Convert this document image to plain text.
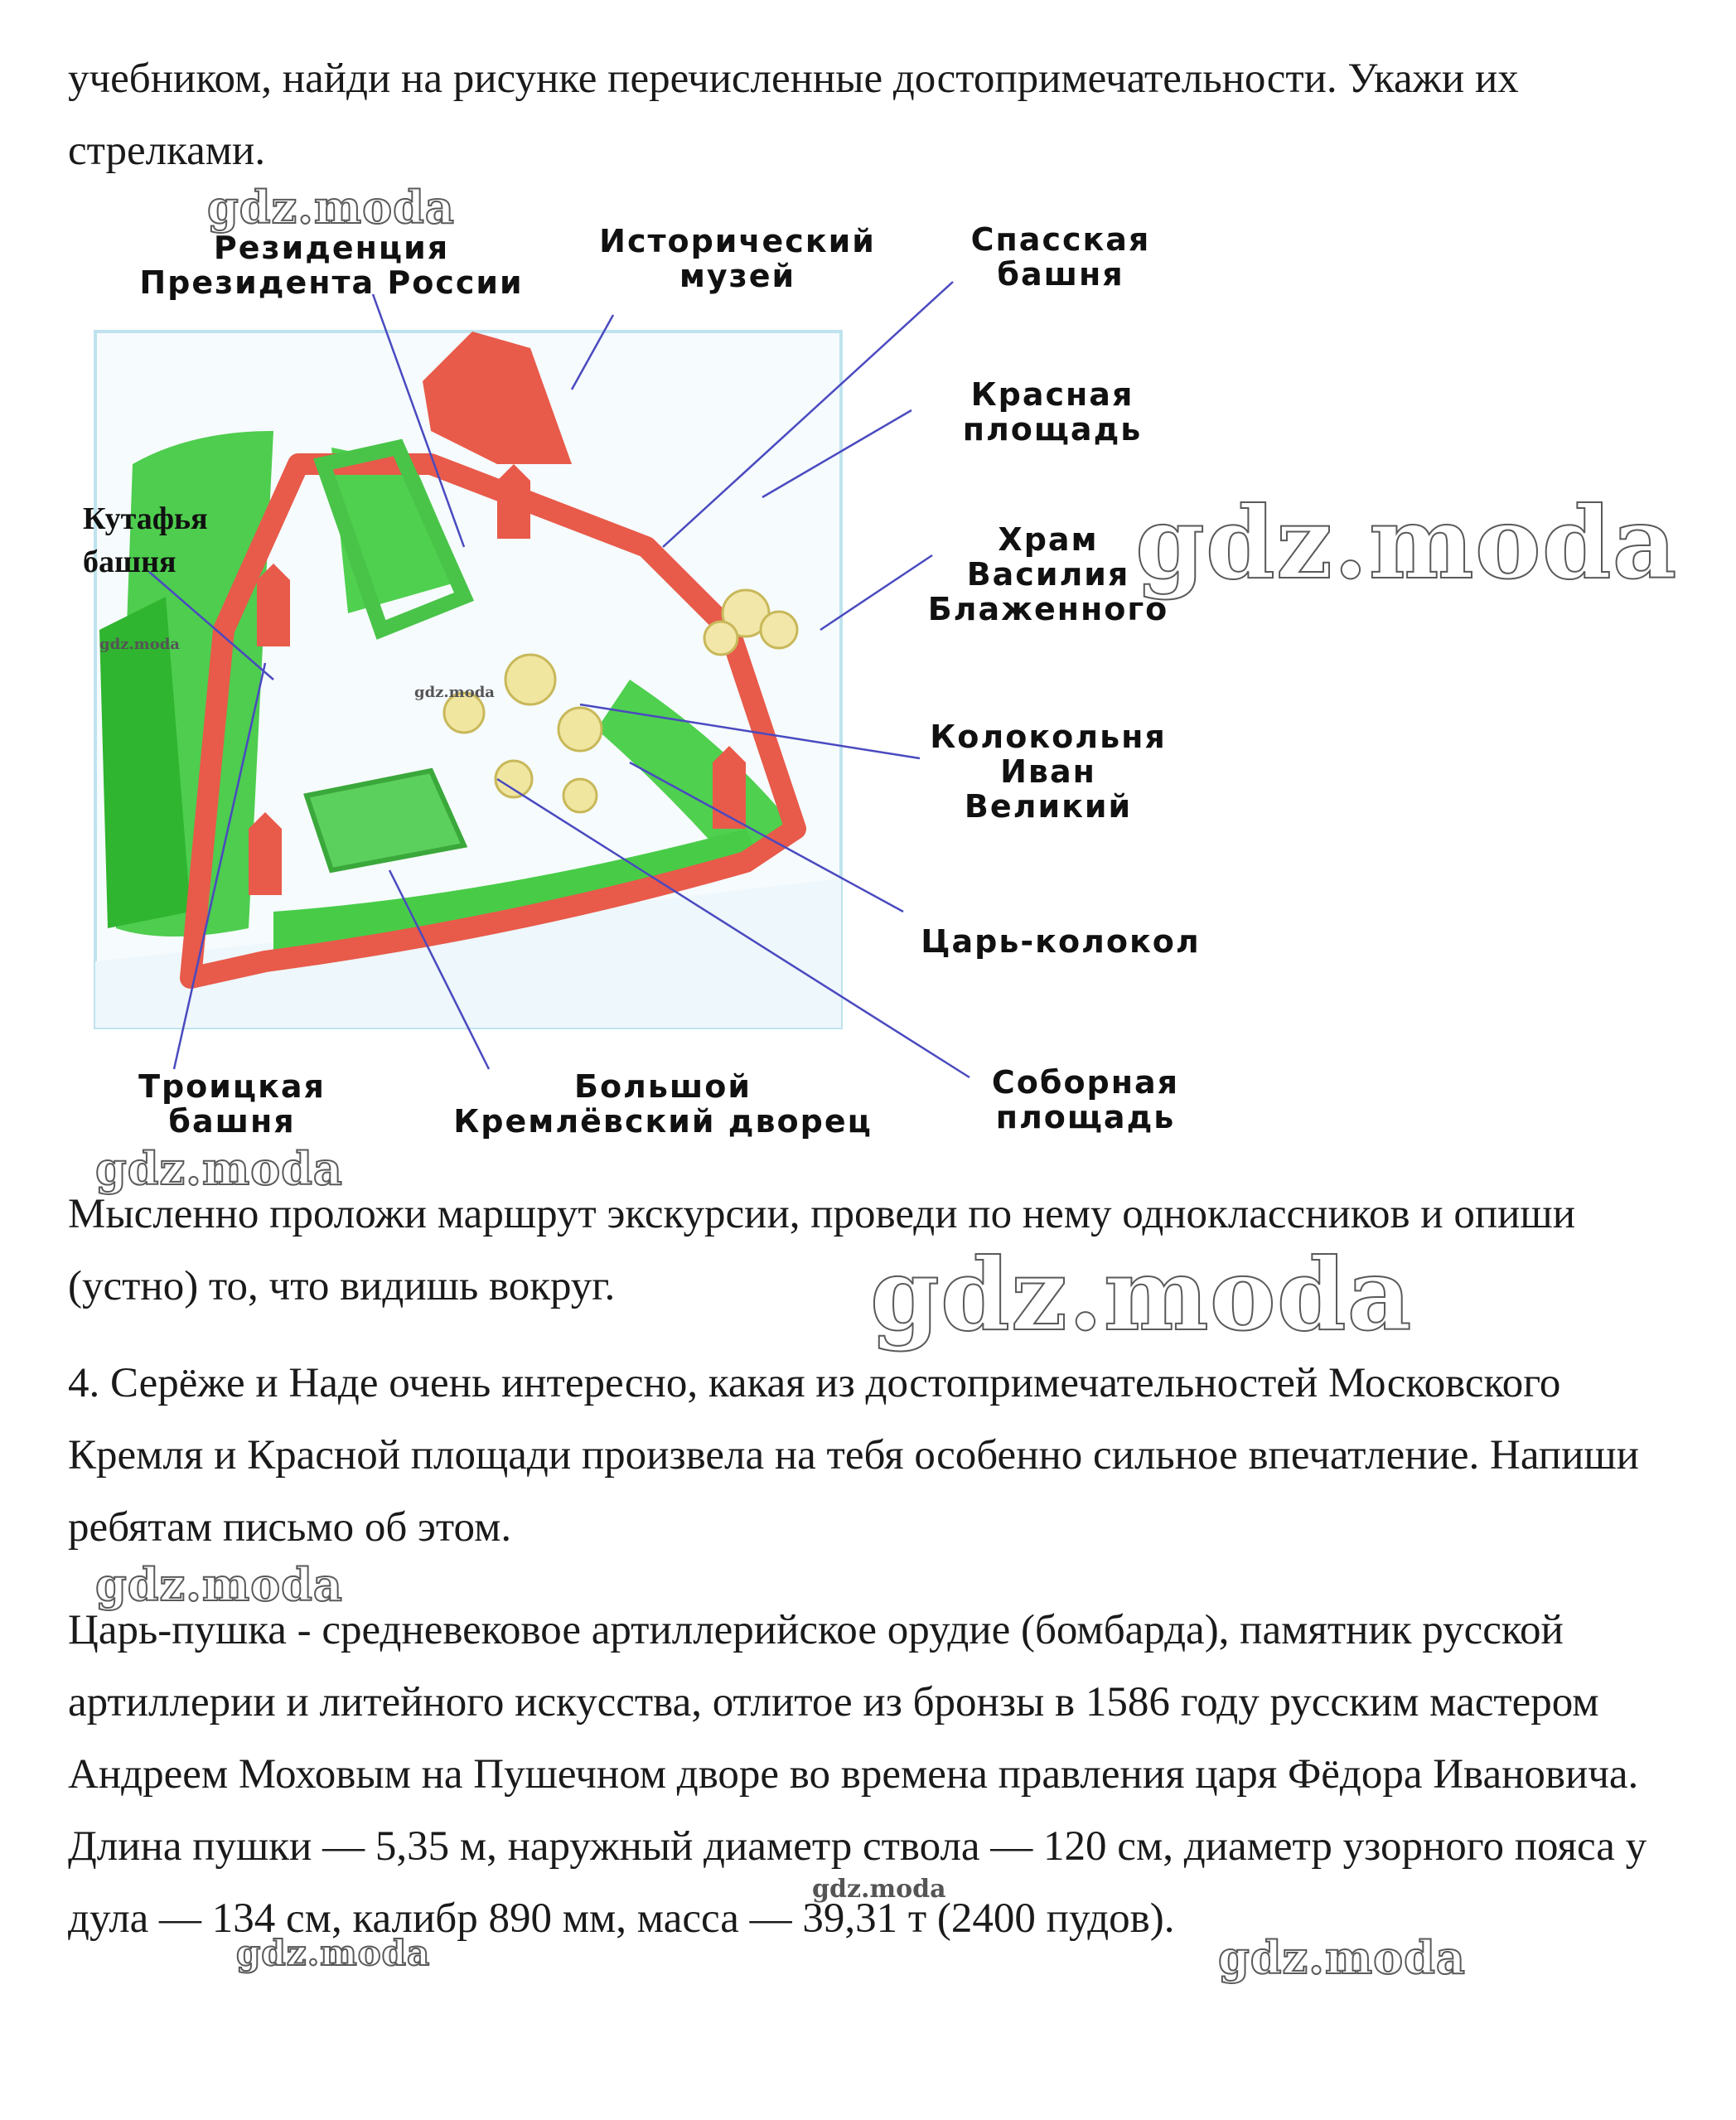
учебником, найди на рисунке перечисленные достопримечательности. Укажи их стрелками.

Резиденция
Президента России
Исторический
музей
Спасская
башня
Красная
площадь
Кутафья
башня
Храм
Василия
Блаженного
Колокольня
Иван
Великий
Царь-колокол
Троицкая
башня
Большой
Кремлёвский дворец
Соборная
площадь

Мысленно проложи маршрут экскурсии, проведи по нему одноклассников и опиши (устно) то, что видишь вокруг.

4. Серёже и Наде очень интересно, какая из достопримечательностей Московского Кремля и Красной площади произвела на тебя особенно сильное впечатление. Напиши ребятам письмо об этом.

Царь-пушка - средневековое артиллерийское орудие (бомбарда), памятник русской артиллерии и литейного искусства, отлитое из бронзы в 1586 году русским мастером Андреем Моховым на Пушечном дворе во времена правления царя Фёдора Ивановича. Длина пушки — 5,35 м, наружный диаметр ствола — 120 см, диаметр узорного пояса у дула — 134 см, калибр 890 мм, масса — 39,31 т (2400 пудов).

gdz.moda
gdz.moda
gdz.moda
gdz.moda
gdz.moda
gdz.moda
gdz.moda
gdz.moda
gdz.moda	gdz.moda
